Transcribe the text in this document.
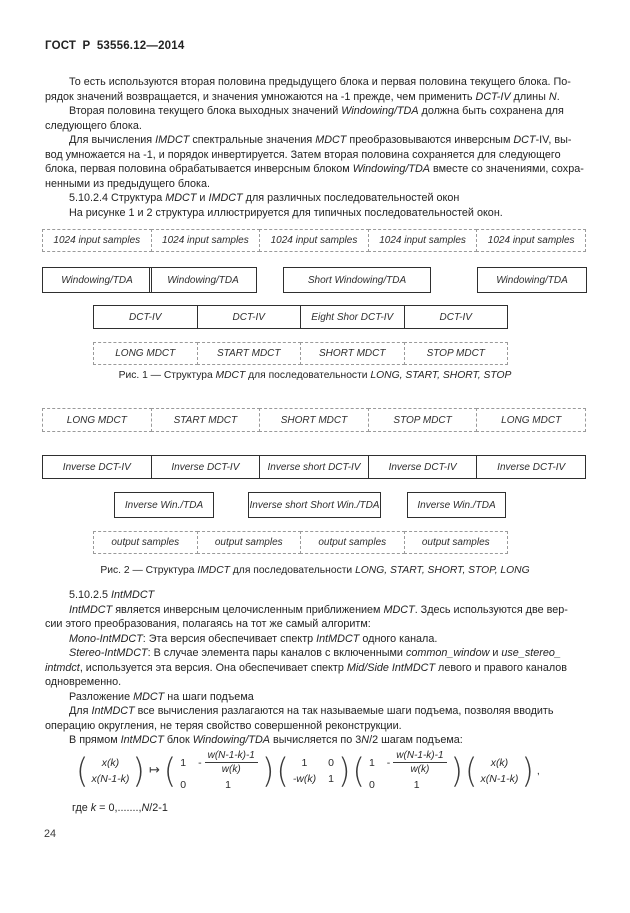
ГОСТ Р 53556.12—2014
То есть используются вторая половина предыдущего блока и первая половина текущего блока. По-
рядок значений возвращается, и значения умножаются на -1 прежде, чем применить DCT-IV длины N.
Вторая половина текущего блока выходных значений Windowing/TDA должна быть сохранена для
следующего блока.
Для вычисления IMDCT спектральные значения MDCT преобразовываются инверсным DCT-IV, вы-
вод умножается на -1, и порядок инвертируется. Затем вторая половина сохраняется для следующего
блока, первая половина обрабатывается инверсным блоком Windowing/TDA вместе со значениями, сохра-
ненными из предыдущего блока.
5.10.2.4 Структура MDCT и IMDCT для различных последовательностей окон
На рисунке 1 и 2 структура иллюстрируется для типичных последовательностей окон.
1024 input samples	1024 input samples	1024 input samples	1024 input samples	1024 input samples
Windowing/TDA	Windowing/TDA	Short Windowing/TDA	Windowing/TDA
DCT-IV	DCT-IV	Eight Shor DCT-IV	DCT-IV
LONG MDCT	START MDCT	SHORT MDCT	STOP MDCT
Рис. 1 — Структура MDCT для последовательности LONG, START, SHORT, STOP
LONG MDCT	START MDCT	SHORT MDCT	STOP MDCT	LONG MDCT
Inverse DCT-IV	Inverse DCT-IV	Inverse short DCT-IV	Inverse DCT-IV	Inverse DCT-IV
Inverse Win./TDA	Inverse short Short Win./TDA	Inverse Win./TDA
output samples	output samples	output samples	output samples
Рис. 2 — Структура IMDCT для последовательности LONG, START, SHORT, STOP, LONG
5.10.2.5 IntMDCT
IntMDCT является инверсным целочисленным приближением MDCT. Здесь используются две вер-
сии этого преобразования, полагаясь на тот же самый алгоритм:
Mono-IntMDCT: Эта версия обеспечивает спектр IntMDCT одного канала.
Stereo-IntMDCT: В случае элемента пары каналов с включенными common_window и use_stereo_
intmdct, используется эта версия. Она обеспечивает спектр Mid/Side IntMDCT левого и правого каналов
одновременно.
Разложение MDCT на шаги подъема
Для IntMDCT все вычисления разлагаются на так называемые шаги подъема, позволяя вводить
операцию округления, не теряя свойство совершенной реконструкции.
В прямом IntMDCT блок Windowing/TDA вычисляется по 3N/2 шагам подъема:
( x(k)
x(N-1-k) ) ↦ ( $1 - \frac{w(N-1-k)-1}{w(k)}$
0	1 ) ( 1 0
-w(k) 1 ) ( $1 - \frac{w(N-1-k)-1}{w(k)}$
0	1 ) ( x(k)
x(N-1-k) ) ,
где k = 0,.......,N/2-1
24
